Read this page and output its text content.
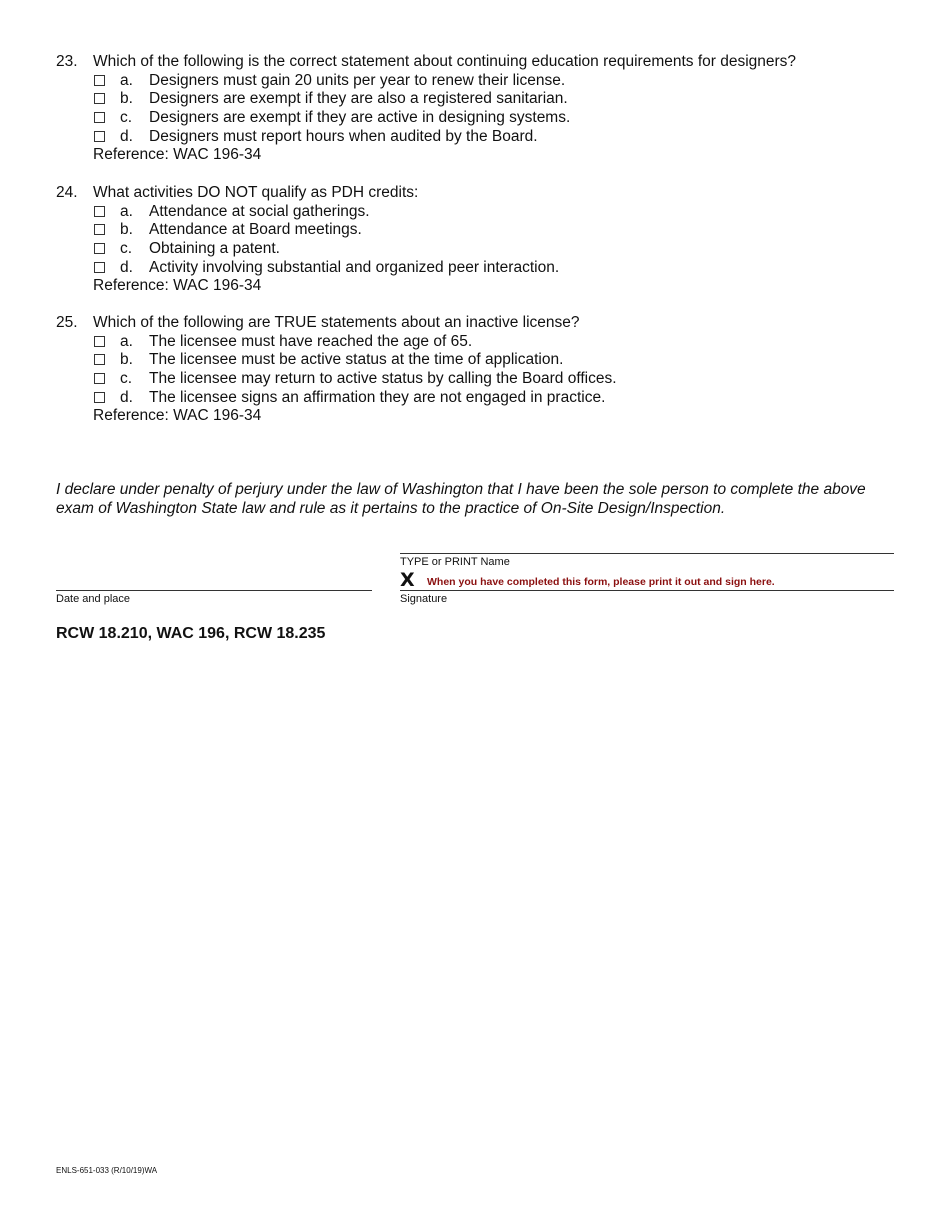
23. Which of the following is the correct statement about continuing education requirements for designers?
a. Designers must gain 20 units per year to renew their license.
b. Designers are exempt if they are also a registered sanitarian.
c. Designers are exempt if they are active in designing systems.
d. Designers must report hours when audited by the Board.
Reference: WAC 196-34
24. What activities DO NOT qualify as PDH credits:
a. Attendance at social gatherings.
b. Attendance at Board meetings.
c. Obtaining a patent.
d. Activity involving substantial and organized peer interaction.
Reference: WAC 196-34
25. Which of the following are TRUE statements about an inactive license?
a. The licensee must have reached the age of 65.
b. The licensee must be active status at the time of application.
c. The licensee may return to active status by calling the Board offices.
d. The licensee signs an affirmation they are not engaged in practice.
Reference: WAC 196-34
I declare under penalty of perjury under the law of Washington that I have been the sole person to complete the above exam of Washington State law and rule as it pertains to the practice of On-Site Design/Inspection.
TYPE or PRINT Name
X When you have completed this form, please print it out and sign here.
Date and place	Signature
RCW 18.210, WAC 196, RCW 18.235
ENLS-651-033 (R/10/19)WA
